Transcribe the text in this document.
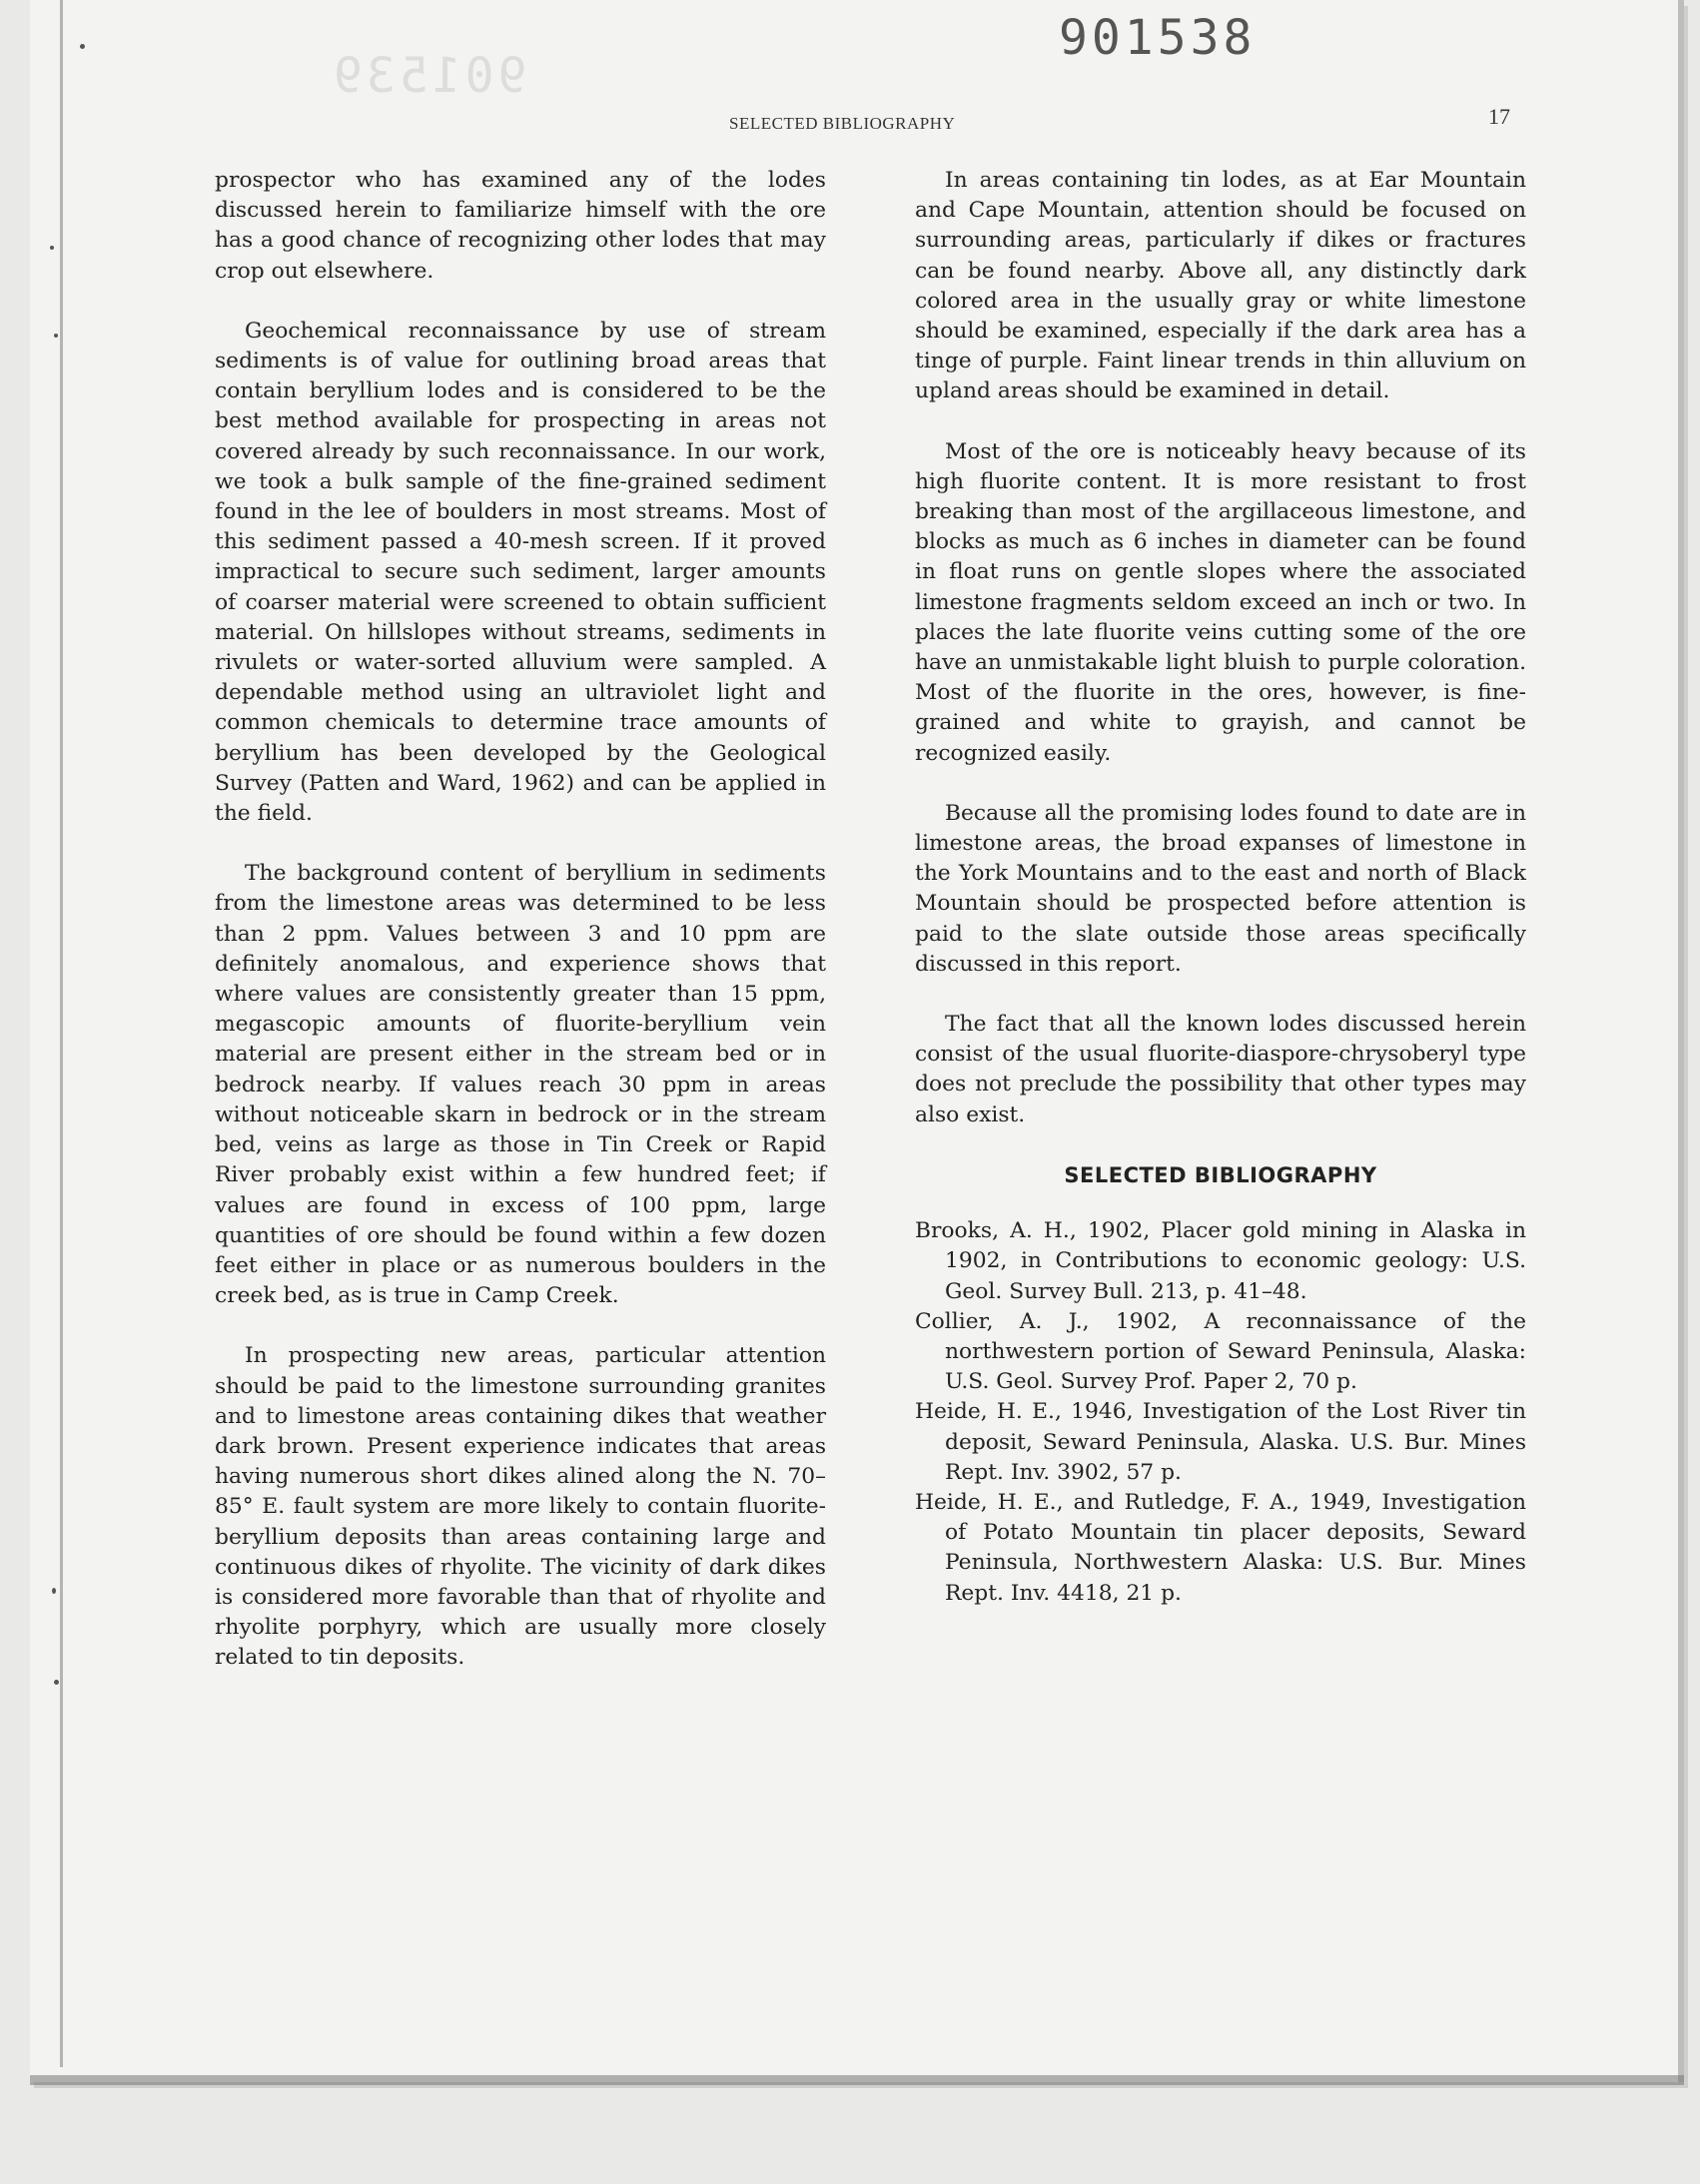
901539
901538
SELECTED BIBLIOGRAPHY	17

prospector who has examined any of the lodes discussed herein to familiarize himself with the ore has a good chance of recognizing other lodes that may crop out elsewhere.

Geochemical reconnaissance by use of stream sediments is of value for outlining broad areas that contain beryllium lodes and is considered to be the best method available for prospecting in areas not covered already by such reconnaissance. In our work, we took a bulk sample of the fine-grained sediment found in the lee of boulders in most streams. Most of this sediment passed a 40-mesh screen. If it proved impractical to secure such sediment, larger amounts of coarser material were screened to obtain sufficient material. On hillslopes without streams, sediments in rivulets or water-sorted alluvium were sampled. A dependable method using an ultraviolet light and common chemicals to determine trace amounts of beryllium has been developed by the Geological Survey (Patten and Ward, 1962) and can be applied in the field.

The background content of beryllium in sediments from the limestone areas was determined to be less than 2 ppm. Values between 3 and 10 ppm are definitely anomalous, and experience shows that where values are consistently greater than 15 ppm, megascopic amounts of fluorite-beryllium vein material are present either in the stream bed or in bedrock nearby. If values reach 30 ppm in areas without noticeable skarn in bedrock or in the stream bed, veins as large as those in Tin Creek or Rapid River probably exist within a few hundred feet; if values are found in excess of 100 ppm, large quantities of ore should be found within a few dozen feet either in place or as numerous boulders in the creek bed, as is true in Camp Creek.

In prospecting new areas, particular attention should be paid to the limestone surrounding granites and to limestone areas containing dikes that weather dark brown. Present experience indicates that areas having numerous short dikes alined along the N. 70–85° E. fault system are more likely to contain fluorite-beryllium deposits than areas containing large and continuous dikes of rhyolite. The vicinity of dark dikes is considered more favorable than that of rhyolite and rhyolite porphyry, which are usually more closely related to tin deposits.

In areas containing tin lodes, as at Ear Mountain and Cape Mountain, attention should be focused on surrounding areas, particularly if dikes or fractures can be found nearby. Above all, any distinctly dark colored area in the usually gray or white limestone should be examined, especially if the dark area has a tinge of purple. Faint linear trends in thin alluvium on upland areas should be examined in detail.

Most of the ore is noticeably heavy because of its high fluorite content. It is more resistant to frost breaking than most of the argillaceous limestone, and blocks as much as 6 inches in diameter can be found in float runs on gentle slopes where the associated limestone fragments seldom exceed an inch or two. In places the late fluorite veins cutting some of the ore have an unmistakable light bluish to purple coloration. Most of the fluorite in the ores, however, is fine-grained and white to grayish, and cannot be recognized easily.

Because all the promising lodes found to date are in limestone areas, the broad expanses of limestone in the York Mountains and to the east and north of Black Mountain should be prospected before attention is paid to the slate outside those areas specifically discussed in this report.

The fact that all the known lodes discussed herein consist of the usual fluorite-diaspore-chrysoberyl type does not preclude the possibility that other types may also exist.

SELECTED BIBLIOGRAPHY
Brooks, A. H., 1902, Placer gold mining in Alaska in 1902, in Contributions to economic geology: U.S. Geol. Survey Bull. 213, p. 41–48.
Collier, A. J., 1902, A reconnaissance of the northwestern portion of Seward Peninsula, Alaska: U.S. Geol. Survey Prof. Paper 2, 70 p.
Heide, H. E., 1946, Investigation of the Lost River tin deposit, Seward Peninsula, Alaska. U.S. Bur. Mines Rept. Inv. 3902, 57 p.
Heide, H. E., and Rutledge, F. A., 1949, Investigation of Potato Mountain tin placer deposits, Seward Peninsula, Northwestern Alaska: U.S. Bur. Mines Rept. Inv. 4418, 21 p.
